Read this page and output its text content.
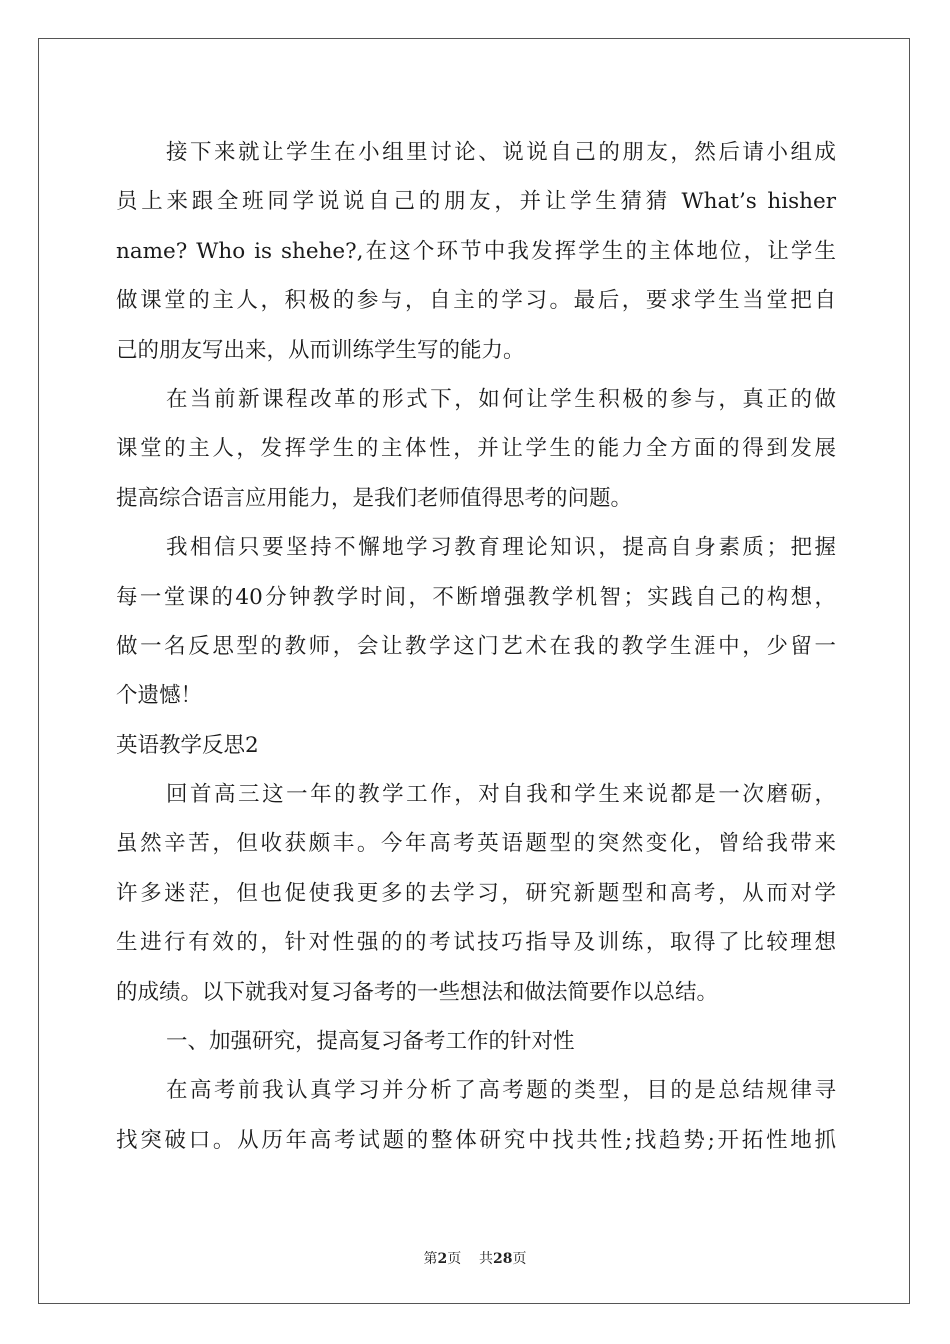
接下来就让学生在小组里讨论、说说自己的朋友，然后请小组成
员上来跟全班同学说说自己的朋友，并让学生猜猜 What’s hisher
name? Who is shehe?,在这个环节中我发挥学生的主体地位，让学生
做课堂的主人，积极的参与，自主的学习。最后，要求学生当堂把自
己的朋友写出来，从而训练学生写的能力。
在当前新课程改革的形式下，如何让学生积极的参与，真正的做
课堂的主人，发挥学生的主体性，并让学生的能力全方面的得到发展
提高综合语言应用能力，是我们老师值得思考的问题。
我相信只要坚持不懈地学习教育理论知识，提高自身素质；把握
每一堂课的40分钟教学时间，不断增强教学机智；实践自己的构想，
做一名反思型的教师，会让教学这门艺术在我的教学生涯中，少留一
个遗憾！
英语教学反思2
回首高三这一年的教学工作，对自我和学生来说都是一次磨砺，
虽然辛苦，但收获颇丰。今年高考英语题型的突然变化，曾给我带来
许多迷茫，但也促使我更多的去学习，研究新题型和高考，从而对学
生进行有效的，针对性强的的考试技巧指导及训练，取得了比较理想
的成绩。以下就我对复习备考的一些想法和做法简要作以总结。
一、加强研究，提高复习备考工作的针对性
在高考前我认真学习并分析了高考题的类型，目的是总结规律寻
找突破口。从历年高考试题的整体研究中找共性;找趋势;开拓性地抓
第2页    共28页
